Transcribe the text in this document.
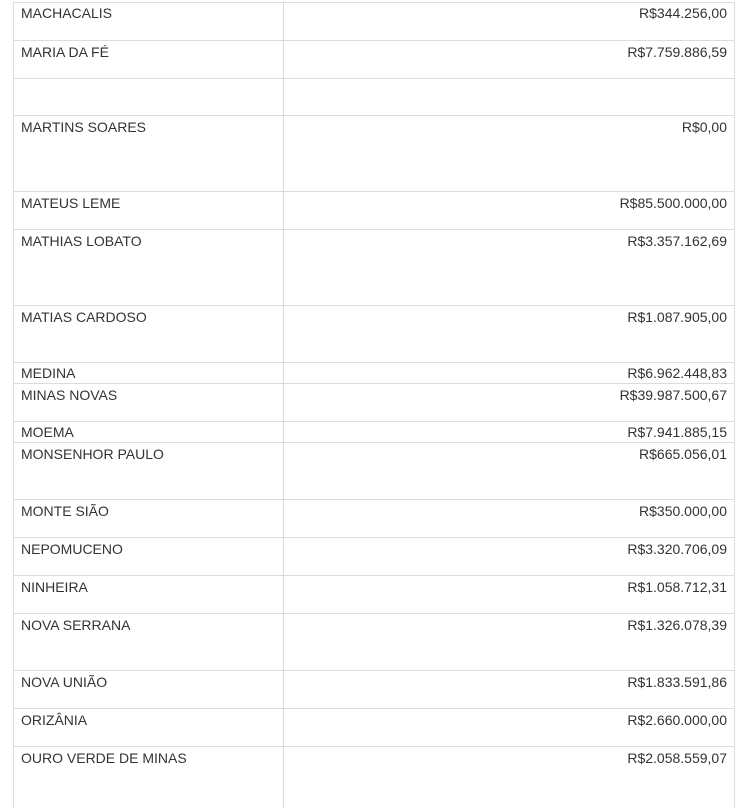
MACHACALIS	R$344.256,00
MARIA DA FÉ	R$7.759.886,59
MARTINS SOARES	R$0,00
MATEUS LEME	R$85.500.000,00
MATHIAS LOBATO	R$3.357.162,69
MATIAS CARDOSO	R$1.087.905,00
MEDINA	R$6.962.448,83
MINAS NOVAS	R$39.987.500,67
MOEMA	R$7.941.885,15
MONSENHOR PAULO	R$665.056,01
MONTE SIÃO	R$350.000,00
NEPOMUCENO	R$3.320.706,09
NINHEIRA	R$1.058.712,31
NOVA SERRANA	R$1.326.078,39
NOVA UNIÃO	R$1.833.591,86
ORIZÂNIA	R$2.660.000,00
OURO VERDE DE MINAS	R$2.058.559,07
